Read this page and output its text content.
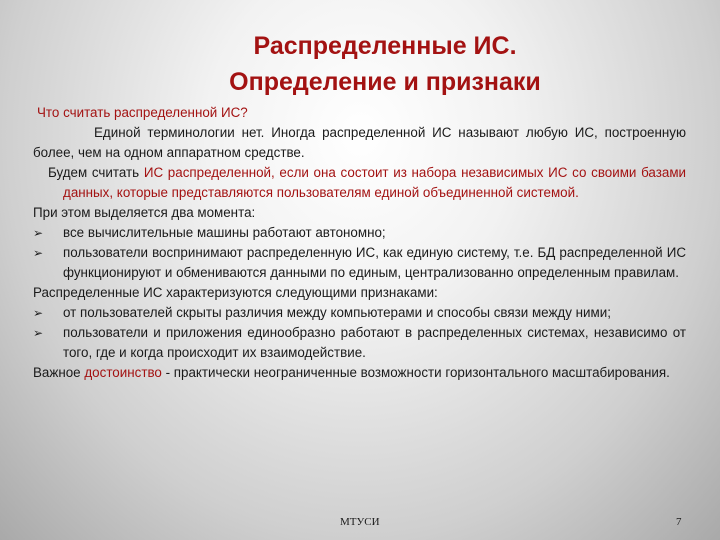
Распределенные ИС.
Определение и признаки

Что считать распределенной ИС?

Единой терминологии нет. Иногда распределенной ИС называют любую ИС, построенную более, чем на одном аппаратном средстве.

Будем считать ИС распределенной, если она состоит из набора независимых ИС со своими базами данных, которые представляются пользователям единой объединенной системой.

При этом выделяется два момента:

➢ все вычислительные машины работают автономно;
➢ пользователи воспринимают распределенную ИС, как единую систему, т.е. БД распределенной ИС функционируют и обмениваются данными по единым, централизованно определенным правилам.

Распределенные ИС характеризуются следующими признаками:

➢ от пользователей скрыты различия между компьютерами и способы связи между ними;
➢ пользователи и приложения единообразно работают в распределенных системах, независимо от того, где и когда происходит их взаимодействие.

Важное достоинство - практически неограниченные возможности горизонтального масштабирования.

МТУСИ	7
